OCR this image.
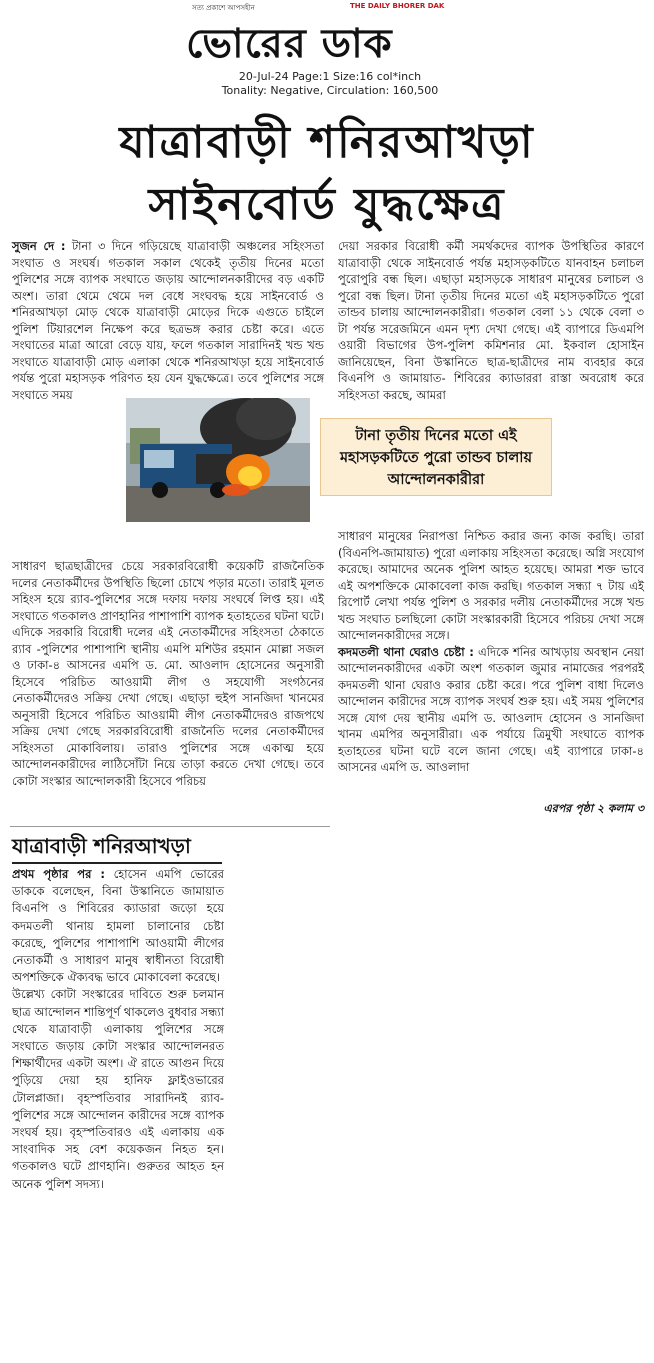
সত্য প্রকাশে আপসহীন	THE DAILY BHORER DAK
ভোরের ডাক
20-Jul-24 Page:1 Size:16 col*inch
Tonality: Negative, Circulation: 160,500
যাত্রাবাড়ী শনিরআখড়া
সাইনবোর্ড যুদ্ধক্ষেত্র

সুজন দে : টানা ৩ দিনে গড়িয়েছে যাত্রাবাড়ী অঞ্চলের সহিংসতা সংঘাত ও সংঘর্ষ। গতকাল সকাল থেকেই তৃতীয় দিনের মতো পুলিশের সঙ্গে ব্যাপক সংঘাতে জড়ায় আন্দোলনকারীদের বড় একটি অংশ। তারা থেমে থেমে দল বেধে সংঘবদ্ধ হয়ে সাইনবোর্ড ও শনিরআখড়া মোড় থেকে যাত্রাবাড়ী মোড়ের দিকে এগুতে চাইলে পুলিশ টিয়ারশেল নিক্ষেপ করে ছত্রভঙ্গ করার চেষ্টা করে। এতে সংঘাতের মাত্রা আরো বেড়ে যায়, ফলে গতকাল সারাদিনই খন্ড খন্ড সংঘাতে যাত্রাবাড়ী মোড় এলাকা থেকে শনিরআখড়া হয়ে সাইনবোর্ড পর্যন্ত পুরো মহাসড়ক পরিণত হয় যেন যুদ্ধক্ষেত্রে। তবে পুলিশের সঙ্গে সংঘাতে সময়

টানা তৃতীয় দিনের মতো এই মহাসড়কটিতে পুরো তান্ডব চালায় আন্দোলনকারীরা

সাধারণ ছাত্রছাত্রীদের চেয়ে সরকারবিরোধী কয়েকটি রাজনৈতিক দলের নেতাকর্মীদের উপস্থিতি ছিলো চোখে পড়ার মতো। তারাই মূলত সহিংস হয়ে র‍্যাব-পুলিশের সঙ্গে দফায় দফায় সংঘর্ষে লিপ্ত হয়। এই সংঘাতে গতকালও প্রাণহানির পাশাপাশি ব্যাপক হতাহতের ঘটনা ঘটে।

এদিকে সরকারি বিরোধী দলের এই নেতাকর্মীদের সহিংসতা ঠেকাতে র‍্যাব -পুলিশের পাশাপাশি স্থানীয় এমপি মশিউর রহমান মোল্লা সজল ও ঢাকা-৪ আসনের এমপি ড. মো. আওলাদ হোসেনের অনুসারী হিসেবে পরিচিত আওয়ামী লীগ ও সহযোগী সংগঠনের নেতাকর্মীদেরও সক্রিয় দেখা গেছে। এছাড়া হুইপ সানজিদা খানমের অনুসারী হিসেবে পরিচিত আওয়ামী লীগ নেতাকর্মীদেরও রাজপথে সক্রিয় দেখা গেছে সরকারবিরোধী রাজনৈতি দলের নেতাকর্মীদের সহিংসতা মোকাবিলায়। তারাও পুলিশের সঙ্গে একাত্ম হয়ে আন্দোলনকারীদের লাঠিসোঁটা নিয়ে তাড়া করতে দেখা গেছে। তবে কোটা সংস্কার আন্দোলকারী হিসেবে পরিচয়

দেয়া সরকার বিরোধী কর্মী সমর্থকদের ব্যাপক উপস্থিতির কারণে যাত্রাবাড়ী থেকে সাইনবোর্ড পর্যন্ত মহাসড়কটিতে যানবাহন চলাচল পুরোপুরি বন্ধ ছিল। এছাড়া মহাসড়কে সাধারণ মানুষের চলাচল ও পুরো বন্ধ ছিল। টানা তৃতীয় দিনের মতো এই মহাসড়কটিতে পুরো তান্ডব চালায় আন্দোলনকারীরা। গতকাল বেলা ১১ থেকে বেলা ৩ টা পর্যন্ত সরেজমিনে এমন দৃশ্য দেখা গেছে। এই ব্যাপারে ডিএমপি ওয়ারী বিভাগের উপ-পুলিশ কমিশনার মো. ইকবাল হোসাইন জানিয়েছেন, বিনা উস্কানিতে ছাত্র-ছাত্রীদের নাম ব্যবহার করে বিএনপি ও জামায়াত- শিবিরের ক্যাডাররা রাস্তা অবরোধ করে সহিংসতা করছে, আমরা

সাধারণ মানুষের নিরাপত্তা নিশ্চিত করার জন্য কাজ করছি। তারা (বিএনপি-জামায়াত) পুরো এলাকায় সহিংসতা করেছে। অগ্নি সংযোগ করেছে। আমাদের অনেক পুলিশ আহত হয়েছে। আমরা শক্ত ভাবে এই অপশক্তিকে মোকাবেলা কাজ করছি। গতকাল সন্ধ্যা ৭ টায় এই রিপোর্ট লেখা পর্যন্ত পুলিশ ও সরকার দলীয় নেতাকর্মীদের সঙ্গে খন্ড খন্ড সংঘাত চলছিলো কোটা সংস্কারকারী হিসেবে পরিচয় দেখা সঙ্গে আন্দোলনকারীদের সঙ্গে।

কদমতলী থানা ঘেরাও চেষ্টা : এদিকে শনির আখড়ায় অবস্থান নেয়া আন্দোলনকারীদের একটা অংশ গতকাল জুমার নামাজের পরপরই কদমতলী থানা ঘেরাও করার চেষ্টা করে। পরে পুলিশ বাধা দিলেও আন্দোলন কারীদের সঙ্গে ব্যাপক সংঘর্ষ শুরু হয়। এই সময় পুলিশের সঙ্গে যোগ দেয় স্থানীয় এমপি ড. আওলাদ হোসেন ও সানজিদা খানম এমপির অনুসারীরা। এক পর্যায়ে ত্রিমুখী সংঘাতে ব্যাপক হতাহতের ঘটনা ঘটে বলে জানা গেছে। এই ব্যাপারে ঢাকা-৪ আসনের এমপি ড. আওলাদা

এরপর পৃষ্ঠা ২ কলাম ৩
যাত্রাবাড়ী শনিরআখড়া

প্রথম পৃষ্ঠার পর : হোসেন এমপি ভোরের ডাককে বলেছেন, বিনা উস্কানিতে জামায়াত বিএনপি ও শিবিরের ক্যাডারা জড়ো হয়ে কদমতলী থানায় হামলা চালানোর চেষ্টা করেছে, পুলিশের পাশাপাশি আওয়ামী লীগের নেতাকর্মী ও সাধারণ মানুষ স্বাধীনতা বিরোধী অপশক্তিকে ঐক্যবদ্ধ ভাবে মোকাবেলা করেছে।

উল্লেখ্য কোটা সংস্কারের দাবিতে শুরু চলমান ছাত্র আন্দোলন শান্তিপূর্ণ থাকলেও বুধবার সন্ধ্যা থেকে যাত্রাবাড়ী এলাকায় পুলিশের সঙ্গে সংঘাতে জড়ায় কোটা সংস্কার আন্দোলনরত শিক্ষার্থীদের একটা অংশ। ঐ রাতে আগুন দিয়ে পুড়িয়ে দেয়া হয় হানিফ ফ্লাইওভারের টোলপ্লাজা। বৃহস্পতিবার সারাদিনই র‍্যাব-পুলিশের সঙ্গে আন্দোলন কারীদের সঙ্গে ব্যাপক সংঘর্ষ হয়। বৃহস্পতিবারও এই এলাকায় এক সাংবাদিক সহ বেশ কয়েকজন নিহত হন। গতকালও ঘটে প্রাণহানি। গুরুতর আহত হন অনেক পুলিশ সদস্য।
